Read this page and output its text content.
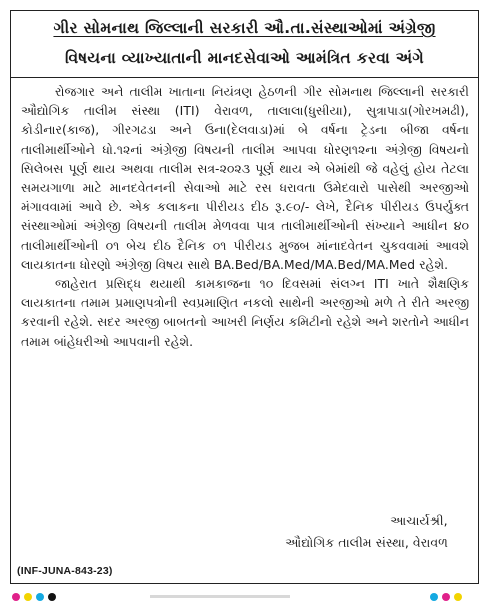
ગીર સોમનાથ જિલ્લાની સરકારી ઔ.તા.સંસ્થાઓમાં અંગ્રેજી
વિષયના વ્યાખ્યાતાની માનદસેવાઓ આમંત્રિત કરવા અંગે

રોજગાર અને તાલીમ ખાતાના નિયંત્રણ હેઠળની ગીર સોમનાથ જિલ્લાની સરકારી ઔદ્યોગિક તાલીમ સંસ્થા (ITI) વેરાવળ, તાલાલા(ધુસીયા), સુત્રાપાડા(ગોરખમઢી), કોડીનાર(કાજ), ગીરગઢડા અને ઉના(દેલવાડા)માં બે વર્ષના ટ્રેડના બીજા વર્ષના તાલીમાર્થીઓને ધો.૧૨નાં અંગ્રેજી વિષયની તાલીમ આપવા ધોરણ૧૨ના અંગ્રેજી વિષયનો સિલેબસ પૂર્ણ થાય અથવા તાલીમ સત્ર-૨૦૨૩ પૂર્ણ થાય એ બેમાંથી જે વહેલું હોય તેટલા સમયગાળા માટે માનદવેતનની સેવાઓ માટે રસ ધરાવતા ઉમેદવારો પાસેથી અરજીઓ મંગાવવામાં આવે છે. એક કલાકના પીરીયડ દીઠ રૂ.૯૦/- લેખે, દૈનિક પીરીયડ ઉપર્યુક્ત સંસ્થાઓમાં અંગ્રેજી વિષયની તાલીમ મેળવવા પાત્ર તાલીમાર્થીઓની સંખ્યાને આધીન ૪૦ તાલીમાર્થીઓની ૦૧ બેચ દીઠ દૈનિક ૦૧ પીરીયડ મુજબ માંનાદવેતન ચુકવવામાં આવશે લાયકાતના ધોરણો અંગ્રેજી વિષય સાથે BA.Bed/BA.Med/MA.Bed/MA.Med રહેશે.

જાહેરાત પ્રસિદ્ધ થયાથી કામકાજના ૧૦ દિવસમાં સંલગ્ન ITI ખાતે શૈક્ષણિક લાયકાતના તમામ પ્રમાણપત્રોની સ્વપ્રમાણિત નકલો સાથેની અરજીઓ મળે તે રીતે અરજી કરવાની રહેશે. સદર અરજી બાબતનો આખરી નિર્ણય કમિટીનો રહેશે અને શરતોને આધીન તમામ બાંહેધરીઓ આપવાની રહેશે.

આચાર્યશ્રી,
ઔદ્યોગિક તાલીમ સંસ્થા, વેરાવળ
(INF-JUNA-843-23)
